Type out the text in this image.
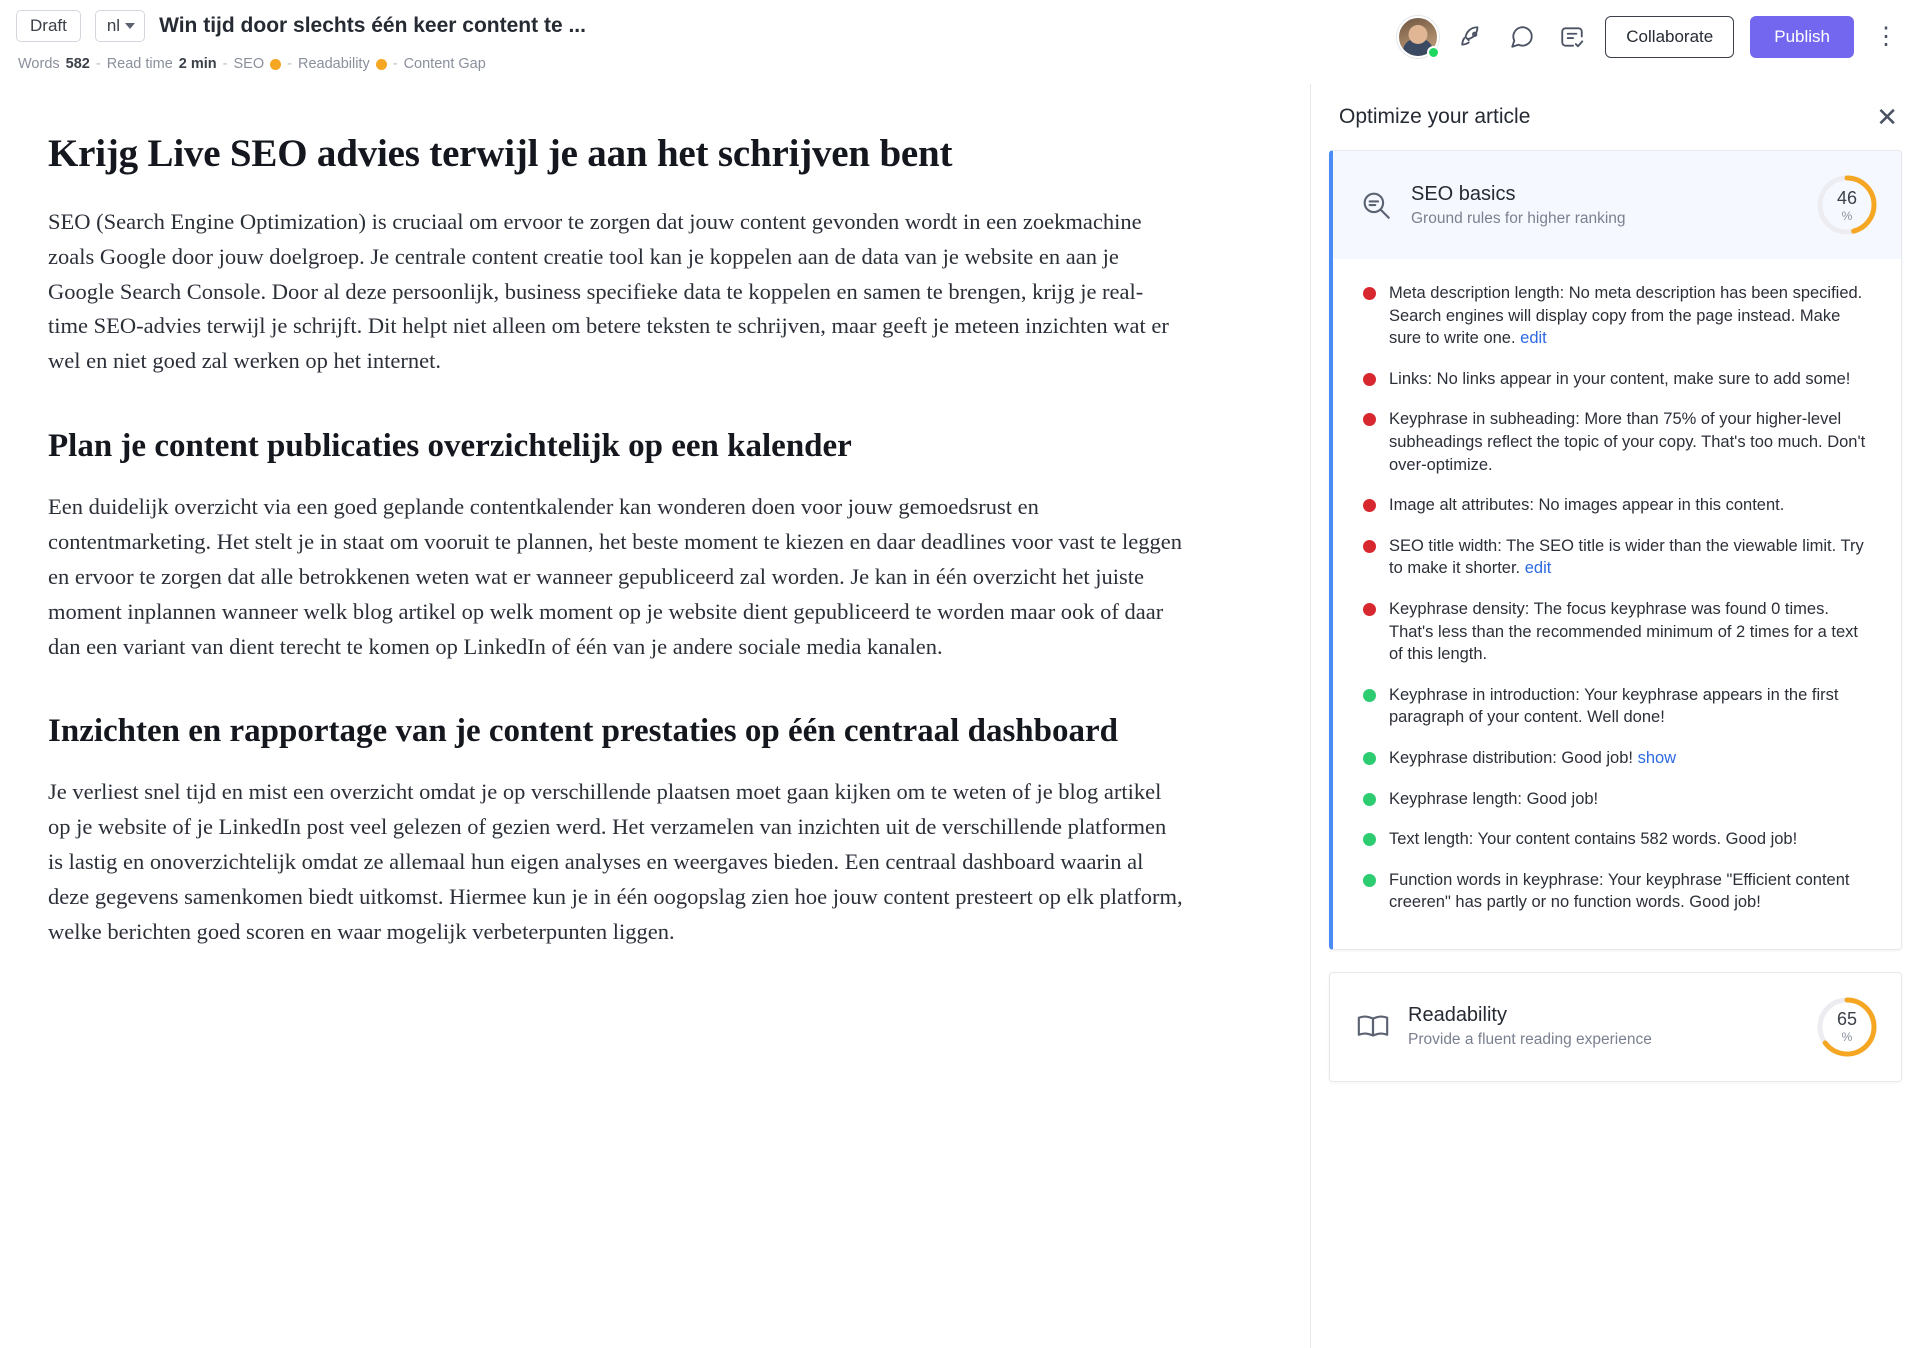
Draft	nl Win tijd door slechts één keer content te ...
Words 582 - Read time 2 min - SEO - Readability - Content Gap
Collaborate	Publish	⋮
Krijg Live SEO advies terwijl je aan het schrijven bent

SEO (Search Engine Optimization) is cruciaal om ervoor te zorgen dat jouw content gevonden wordt in een zoekmachine zoals Google door jouw doelgroep. Je centrale content creatie tool kan je koppelen aan de data van je website en aan je Google Search Console. Door al deze persoonlijk, business specifieke data te koppelen en samen te brengen, krijg je real-time SEO-advies terwijl je schrijft. Dit helpt niet alleen om betere teksten te schrijven, maar geeft je meteen inzichten wat er wel en niet goed zal werken op het internet.

Plan je content publicaties overzichtelijk op een kalender

Een duidelijk overzicht via een goed geplande contentkalender kan wonderen doen voor jouw gemoedsrust en contentmarketing. Het stelt je in staat om vooruit te plannen, het beste moment te kiezen en daar deadlines voor vast te leggen en ervoor te zorgen dat alle betrokkenen weten wat er wanneer gepubliceerd zal worden. Je kan in één overzicht het juiste moment inplannen wanneer welk blog artikel op welk moment op je website dient gepubliceerd te worden maar ook of daar dan een variant van dient terecht te komen op LinkedIn of één van je andere sociale media kanalen.

Inzichten en rapportage van je content prestaties op één centraal dashboard

Je verliest snel tijd en mist een overzicht omdat je op verschillende plaatsen moet gaan kijken om te weten of je blog artikel op je website of je LinkedIn post veel gelezen of gezien werd. Het verzamelen van inzichten uit de verschillende platformen is lastig en onoverzichtelijk omdat ze allemaal hun eigen analyses en weergaves bieden. Een centraal dashboard waarin al deze gegevens samenkomen biedt uitkomst. Hiermee kun je in één oogopslag zien hoe jouw content presteert op elk platform, welke berichten goed scoren en waar mogelijk verbeterpunten liggen.

Optimize your article	✕
SEO basics
Ground rules for higher ranking
46
%
Meta description length: No meta description has been specified. Search engines will display copy from the page instead. Make sure to write one. edit
Links: No links appear in your content, make sure to add some!
Keyphrase in subheading: More than 75% of your higher-level subheadings reflect the topic of your copy. That's too much. Don't over-optimize.
Image alt attributes: No images appear in this content.
SEO title width: The SEO title is wider than the viewable limit. Try to make it shorter. edit
Keyphrase density: The focus keyphrase was found 0 times. That's less than the recommended minimum of 2 times for a text of this length.
Keyphrase in introduction: Your keyphrase appears in the first paragraph of your content. Well done!
Keyphrase distribution: Good job! show
Keyphrase length: Good job!
Text length: Your content contains 582 words. Good job!
Function words in keyphrase: Your keyphrase "Efficient content creeren" has partly or no function words. Good job!
Readability
Provide a fluent reading experience
65
%
